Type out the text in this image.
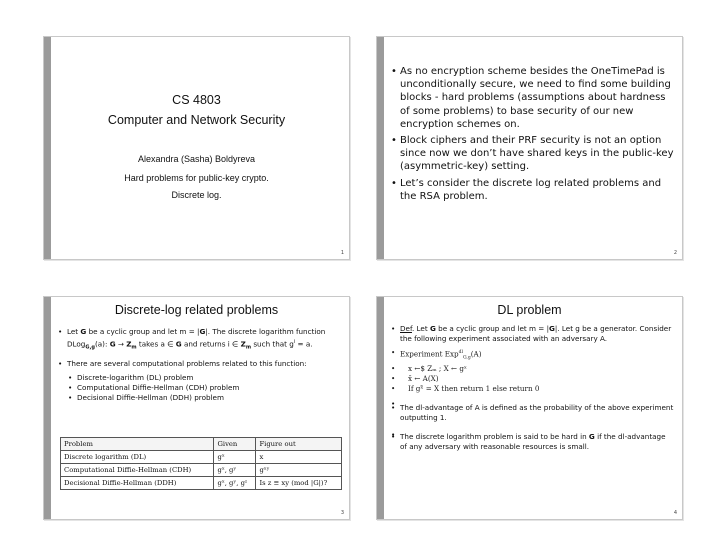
CS 4803
Computer and Network Security
Alexandra (Sasha) Boldyreva
Hard problems for public-key crypto.
Discrete log.
1
• As no encryption scheme besides the OneTimePad is unconditionally secure, we need to find some building blocks - hard problems (assumptions about hardness of some problems) to base security of our new encryption schemes on.
• Block ciphers and their PRF security is not an option since now we don’t have shared keys in the public-key (asymmetric-key) setting.
• Let’s consider the discrete log related problems and the RSA problem.
2
Discrete-log related problems
• Let G be a cyclic group and let m = |G|. The discrete logarithm function DLog$_{G,g}$(a): $G \to Z_m$ takes a ∈ G and returns i ∈ $Z_m$ such that $g^i = a$.
• There are several computational problems related to this function:
• Discrete-logarithm (DL) problem
• Computational Diffie-Hellman (CDH) problem
• Decisional Diffie-Hellman (DDH) problem
Problem	Given	Figure out
Discrete logarithm (DL)	gˣ	x
Computational Diffie-Hellman (CDH)	gˣ, gʸ	gˣʸ
Decisional Diffie-Hellman (DDH)	gˣ, gʸ, gᶻ	Is z ≡ xy (mod |G|)?
3
DL problem
• Def. Let G be a cyclic group and let m = |G|. Let g be a generator. Consider the following experiment associated with an adversary A.
• Experiment Exp$^{dl}_{G,g}$(A)
• x ←$ Zₘ ; X ← gˣ
• x̄ ← A(X)
• If gˣ̄ = X then return 1 else return 0
• The dl-advantage of A is defined as the probability of the above experiment outputting 1.
• The discrete logarithm problem is said to be hard in G if the dl-advantage of any adversary with reasonable resources is small.
4
